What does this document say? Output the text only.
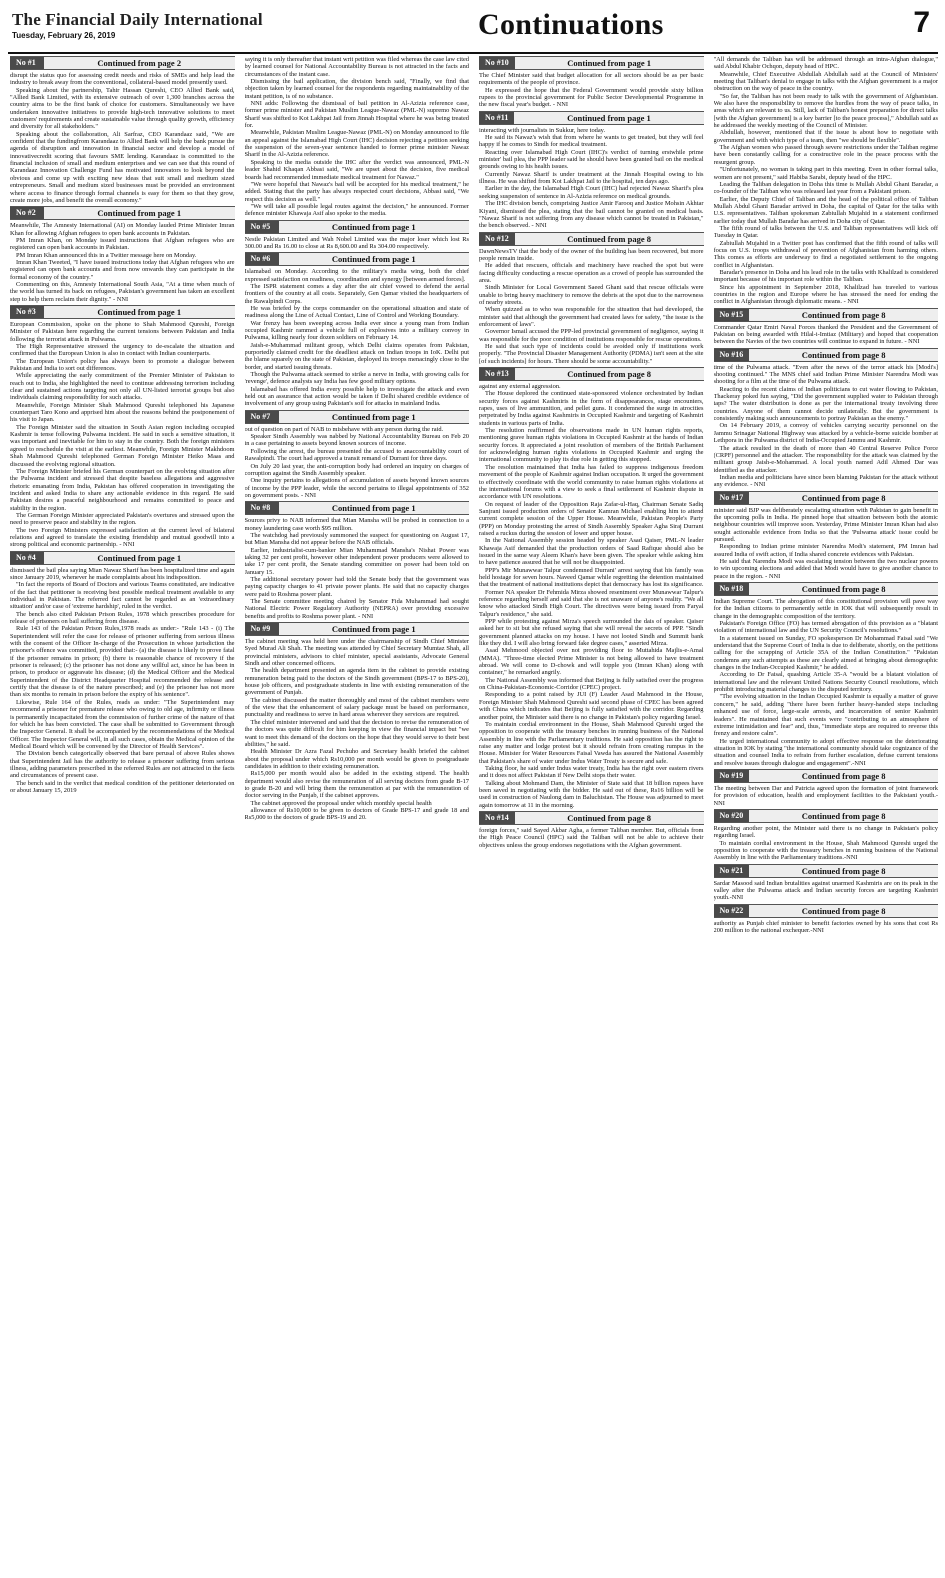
The Financial Daily International
Tuesday, February 26, 2019	Continuations	7
No #1	Continued from page 2

disrupt the status quo for assessing credit needs and risks of SMEs and help lead the industry to break away from the conventional, collateral-based model presently used.

Speaking about the partnership, Tahir Hassan Qureshi, CEO Allied Bank said, "Allied Bank Limited, with its extensive outreach of over 1,300 branches across the country aims to be the first bank of choice for customers. Simultaneously we have undertaken innovative initiatives to provide high-tech innovative solutions to meet customers' requirements and create sustainable value through quality growth, efficiency and diversity for all stakeholders."

Speaking about the collaboration, Ali Sarfraz, CEO Karandaaz said, "We are confident that the fundingfrom Karandaaz to Allied Bank will help the bank pursue the agenda of disruption and innovation in financial sector and develop a model of innovativecredit scoring that favours SME lending. Karandaaz is committed to the financial inclusion of small and medium enterprises and we can see that this round of Karandaaz Innovation Challenge Fund has motivated innovators to look beyond the obvious and come up with exciting new ideas that suit small and medium sized entrepreneurs. Small and medium sized businesses must be provided an environment where access to finance through formal channels is easy for them so that they grow, create more jobs, and benefit the overall economy."

No #2	Continued from page 1

Meanwhile, The Amnesty International (AI) on Monday lauded Prime Minister Imran Khan for allowing Afghan refugees to open bank accounts in Pakistan.

PM Imran Khan, on Monday issued instructions that Afghan refugees who are registered can open bank accounts in Pakistan.

PM Imran Khan announced this in a Twitter message here on Monday.

Imran Khan Tweeted, "I have issued instructions today that Afghan refugees who are registered can open bank accounts and from now onwards they can participate in the formal economy of the country."

Commenting on this, Amnesty International South Asia, "At a time when much of the world has turned its back on refugees, Pakistan's government has taken an excellent step to help them reclaim their dignity." - NNI

No #3	Continued from page 1

European Commission, spoke on the phone to Shah Mahmood Qureshi, Foreign Minister of Pakistan here regarding the current tensions between Pakistan and India following the terrorist attack in Pulwama.

The High Representative stressed the urgency to de-escalate the situation and confirmed that the European Union is also in contact with Indian counterparts.

The European Union's policy has always been to promote a dialogue between Pakistan and India to sort out differences.

While appreciating the early commitment of the Premier Minister of Pakistan to reach out to India, she highlighted the need to continue addressing terrorism including clear and sustained actions targeting not only all UN-listed terrorist groups but also individuals claiming responsibility for such attacks.

Meanwhile, Foreign Minister Shah Mahmood Qureshi telephoned his Japanese counterpart Taro Kono and apprised him about the reasons behind the postponement of his visit to Japan.

The Foreign Minister said the situation in South Asian region including occupied Kashmir is tense following Pulwama incident. He said in such a sensitive situation, it was important and inevitable for him to stay in the country. Both the foreign ministers agreed to reschedule the visit at the earliest. Meanwhile, Foreign Minister Makhdoom Shah Mahmood Qureshi telephoned German Foreign Minister Heiko Maas and discussed the evolving regional situation.

The Foreign Minister briefed his German counterpart on the evolving situation after the Pulwama incident and stressed that despite baseless allegations and aggressive rhetoric emanating from India, Pakistan has offered cooperation in investigating the incident and asked India to share any actionable evidence in this regard. He said Pakistan desires a peaceful neighbourhood and remains committed to peace and stability in the region.

The German Foreign Minister appreciated Pakistan's overtures and stressed upon the need to preserve peace and stability in the region.

The two Foreign Ministers expressed satisfaction at the current level of bilateral relations and agreed to translate the existing friendship and mutual goodwill into a strong political and economic partnership. - NNI

No #4	Continued from page 1

dismissed the bail plea saying Mian Nawaz Sharif has been hospitalized time and again since January 2019, whenever he made complaints about his indisposition.

"In fact the reports of Board of Doctors and various Teams constituted, are indicative of the fact that petitioner is receiving best possible medical treatment available to any individual in Pakistan. The referred fact cannot be regarded as an 'extraordinary situation' and/or case of 'extreme hardship', ruled in the verdict.

The bench also cited Pakistan Prison Rules, 1978 which prescribes procedure for release of prisoners on bail suffering from disease.

Rule 143 of the Pakistan Prison Rules,1978 reads as under:- "Rule 143 - (i) The Superintendent will refer the case for release of prisoner suffering from serious illness with the consent of the Officer In-charge of the Prosecution in whose jurisdiction the prisoner's offence was committed, provided that:- (a) the disease is likely to prove fatal if the prisoner remains in prison; (b) there is reasonable chance of recovery if the prisoner is released; (c) the prisoner has not done any willful act, since he has been in prison, to produce or aggravate his disease; (d) the Medical Officer and the Medical Superintendent of the District Headquarter Hospital recommended the release and certify that the disease is of the nature prescribed; and (e) the prisoner has not more than six months to remain in prison before the expiry of his sentence".

Likewise, Rule 164 of the Rules, reads as under: "The Superintendent may recommend a prisoner for premature release who owing to old age, infirmity or illness is permanently incapacitated from the commission of further crime of the nature of that for which he has been convicted. The case shall be submitted to Government through the Inspector General. It shall be accompanied by the recommendations of the Medical Officer. The Inspector General will, in all such cases, obtain the Medical opinion of the Medical Board which will be convened by the Director of Health Services".

The Division bench categorically observed that bare perusal of above Rules shows that Superintendent Jail has the authority to release a prisoner suffering from serious illness, adding parameters prescribed in the referred Rules are not attracted in the facts and circumstances of present case.

The bench said in the verdict that medical condition of the petitioner deteriorated on or about January 15, 2019

saying it is only thereafter that instant writ petition was filed whereas the case law cited by learned counsel for National Accountability Bureau is not attracted in the facts and circumstances of the instant case.

Dismissing the bail application, the division bench said, "Finally, we find that objection taken by learned counsel for the respondents regarding maintainability of the instant petition, is of no substance.

NNI adds: Following the dismissal of bail petition in Al-Azizia reference case, former prime minister and Pakistan Muslim League-Nawaz (PML-N) supremo Nawaz Sharif was shifted to Kot Lakhpat Jail from Jinnah Hospital where he was being treated for.

Meanwhile, Pakistan Muslim League-Nawaz (PML-N) on Monday announced to file an appeal against the Islamabad High Court (IHC) decision rejecting a petition seeking the suspension of the seven-year sentence handed to former prime minister Nawaz Sharif in the Al-Azizia reference.

Speaking to the media outside the IHC after the verdict was announced, PML-N leader Shahid Khaqan Abbasi said, "We are upset about the decision, five medical boards had recommended immediate medical treatment for Nawaz."

"We were hopeful that Nawaz's bail will be accepted for his medical treatment," he added. Stating that the party has always respected court decisions, Abbasi said, "We respect this decision as well."

"We will take all possible legal routes against the decision," he announced. Former defence minister Khawaja Asif also spoke to the media.

No #5	Continued from page 1

Nestle Pakistan Limited and Wah Nobel Limited was the major loser which lost Rs 300.00 and Rs 16.00 to close at Rs 8,600.00 and Rs 304.00 respectively.

No #6	Continued from page 1

Islamabad on Monday. According to the military's media wing, both the chief expressed satisfaction on readiness, coordination and synergy [between armed forces].

The ISPR statement comes a day after the air chief vowed to defend the aerial frontiers of the country at all costs. Separately, Gen Qamar visited the headquarters of the Rawalpindi Corps.

He was briefed by the corps commander on the operational situation and state of readiness along the Line of Actual Contact, Line of Control and Working Boundary.

War frenzy has been sweeping across India ever since a young man from Indian occupied Kashmir rammed a vehicle full of explosives into a military convoy in Pulwama, killing nearly four dozen soldiers on February 14.

Jaish-e-Muhammad militant group, which Delhi claims operates from Pakistan, purportedly claimed credit for the deadliest attack on Indian troops in IoK. Delhi put the blame squarely on the state of Pakistan, deployed its troops menacingly close to the border, and started issuing threats.

Though the Pulwama attack seemed to strike a nerve in India, with growing calls for 'revenge', defence analysts say India has few good military options.

Islamabad has offered India every possible help to investigate the attack and even held out an assurance that action would be taken if Delhi shared credible evidence of involvement of any group using Pakistan's soil for attacks in mainland India.

No #7	Continued from page 1

out of question on part of NAB to misbehave with any person during the raid.

Speaker Sindh Assembly was nabbed by National Accountability Bureau on Feb 20 in a case pertaining to assets beyond known sources of income.

Following the arrest, the bureau presented the accused to anaccountability court of Rawalpindi. The court had approved a transit remand of Durrani for three days.

On July 20 last year, the anti-corruption body had ordered an inquiry on charges of corruption against the Sindh Assembly speaker.

One inquiry pertains to allegations of accumulation of assets beyond known sources of income by the PPP leader, while the second pertains to illegal appointments of 352 on government posts. - NNI

No #8	Continued from page 1

Sources privy to NAB informed that Mian Mansha will be probed in connection to a money laundering case worth $95 million.

The watchdog had previously summoned the suspect for questioning on August 17, but Mian Mansha did not appear before the NAB officials.

Earlier, industrialist-cum-banker Mian Muhammad Mansha's Nishat Power was taking 32 per cent profit, however other independent power producers were allowed to take 17 per cent profit, the Senate standing committee on power had been told on January 15.

The additional secretary power had told the Senate body that the government was paying capacity charges to 41 private power plants. He said that no capacity charges were paid to Roshma power plant.

The Senate committee meeting chaired by Senator Fida Muhammad had sought National Electric Power Regulatory Authority (NEPRA) over providing excessive benefits and profits to Roshma power plant. - NNI

No #9	Continued from page 1

The cabinet meeting was held here under the chairmanship of Sindh Chief Minister Syed Murad Ali Shah. The meeting was attended by Chief Secretary Mumtaz Shah, all provincial ministers, advisors to chief minister, special assistants, Advocate General Sindh and other concerned officers.

The health department presented an agenda item in the cabinet to provide existing remuneration being paid to the doctors of the Sindh government (BPS-17 to BPS-20), house job officers, and postgraduate students in line with existing remuneration of the government of Punjab.

The cabinet discussed the matter thoroughly and most of the cabinet members were of the view that the enhancement of salary package must be based on performance, punctuality and readiness to serve in hard areas wherever they services are required.

The chief minister intervened and said that the decision to revise the remuneration of the doctors was quite difficult for him keeping in view the financial impact but "we want to meet this demand of the doctors on the hope that they would serve to their best abilities," he said.

Health Minister Dr Azra Fazal Pechuho and Secretary health briefed the cabinet about the proposal under which Rs10,000 per month would be given to postgraduate candidates in addition to their existing remuneration.

Rs15,000 per month would also be added in the existing stipend. The health department would also revise the remuneration of all serving doctors from grade B-17 to grade B-20 and will bring them the remuneration at par with the remuneration of doctor serving in the Punjab, if the cabinet approves.

The cabinet approved the proposal under which monthly special health

allowance of Rs10,000 to be given to doctors of Grade BPS-17 and grade 18 and Rs5,000 to the doctors of grade BPS-19 and 20.

No #10	Continued from page 1

The Chief Minister said that budget allocation for all sectors should be as per basic requirements of the people of province.

He expressed the hope that the Federal Government would provide sixty billion rupees to the provincial government for Public Sector Developmental Programme in the new fiscal year's budget. - NNI

No #11	Continued from page 1

interacting with journalists in Sukkur, here today.

He said its Nawaz's wish that from where he wants to get treated, but they will feel happy if he comes to Sindh for medical treatment.

Reacting over Islamabad High Court (IHC)'s verdict of turning erstwhile prime minister' bail plea, the PPP leader said he should have been granted bail on the medical grounds owing to his health issues.

Currently Nawaz Sharif is under treatment at the Jinnah Hospital owing to his illness. He was shifted from Kot Lakhpat Jail to the hospital, ten days ago.

Earlier in the day, the Islamabad High Court (IHC) had rejected Nawaz Sharif's plea seeking suspension of sentence in Al-Azizia reference on medical grounds.

The IHC division bench, comprising Justice Amir Farooq and Justice Mohsin Akhtar Kiyani, dismissed the plea, stating that the bail cannot be granted on medical basis. "Nawaz Sharif is not suffering from any disease which cannot be treated in Pakistan," the bench observed. - NNI

No #12	Continued from page 8

DawnNewsTV that the body of the owner of the building has been recovered, but more people remain inside.

He added that rescuers, officials and machinery have reached the spot but were facing difficulty conducting a rescue operation as a crowd of people has surrounded the area.

Sindh Minister for Local Government Saeed Ghani said that rescue officials were unable to bring heavy machinery to remove the debris at the spot due to the narrowness of nearby streets.

When quizzed as to who was responsible for the situation that had developed, the minister said that although the government had created laws for safety, "the issue is the enforcement of laws".

Governor Ismail accused the PPP-led provincial government of negligence, saying it was responsible for the poor condition of institutions responsible for rescue operations.

He said that such type of incidents could be avoided only if institutions work properly. "The Provincial Disaster Management Authority (PDMA) isn't seen at the site [of such incidents] for hours. There should be some accountability."

No #13	Continued from page 8

against any external aggression.

The House deplored the continued state-sponsored violence orchestrated by Indian security forces against Kashmiris in the form of disappearances, stage encounters, rapes, uses of live ammunition, and pellet guns. It condemned the surge in atrocities perpetrated by India against Kashmiris in Occupied Kashmir and targeting of Kashmiri students in various parts of India.

The resolution reaffirmed the observations made in UN human rights reports, mentioning grave human rights violations in Occupied Kashmir at the hands of Indian security forces. It appreciated a joint resolution of members of the British Parliament for acknowledging human rights violations in Occupied Kashmir and urging the international community to play its due role in getting this stopped.

The resolution maintained that India has failed to suppress indigenous freedom movement of the people of Kashmir against Indian occupation. It urged the government to effectively coordinate with the world community to raise human rights violations at the international forums with a view to seek a final settlement of Kashmir dispute in accordance with UN resolutions.

On request of leader of the Opposition Raja Zafar-ul-Haq, Chairman Senate Sadiq Sanjrani issued production orders of Senator Kamran Michael enabling him to attend current complete session of the Upper House. Meanwhile, Pakistan People's Party (PPP) on Monday protesting the arrest of Sindh Assembly Speaker Agha Siraj Durrani raised a ruckus during the session of lower and upper house.

In the National Assembly session headed by speaker Asad Qaiser, PML-N leader Khawaja Asif demanded that the production orders of Saad Rafique should also be issued in the same way Aleem Khan's have been given. The speaker while asking him to have patience assured that he will not be disappointed.

PPP's Mir Munawwar Talpur condemned Durrani' arrest saying that his family was held hostage for seven hours. Naveed Qamar while regretting the detention maintained that the treatment of national institutions depict that democracy has lost its significance.

Former NA speaker Dr Fehmida Mirza showed resentment over Munawwar Talpur's reference regarding herself and said that she is not unaware of anyone's reality. "We all know who attacked Sindh High Court. The directives were being issued from Faryal Talpur's residence," she said.

PPP while protesting against Mirza's speech surrounded the dais of speaker. Qaiser asked her to sit but she refused saying that she will reveal the secrets of PPP. "Sindh government planned attacks on my house. I have not looted Sindh and Summit bank like they did. I will also bring forward fake degree cases," asserted Mirza.

Asad Mehmood objected over not providing floor to Muttahida Majlis-e-Amal (MMA). "Three-time elected Prime Minister is not being allowed to have treatment abroad. We will come to D-chowk and will topple you (Imran Khan) along with container," he remarked angrily.

The National Assembly was informed that Beijing is fully satisfied over the progress on China-Pakistan-Economic-Corridor (CPEC) project.

Responding to a point raised by JUI (F) Leader Asad Mahmood in the House, Foreign Minister Shah Mahmood Qureshi said second phase of CPEC has been agreed with China which indicates that Beijing is fully satisfied with the corridor. Regarding another point, the Minister said there is no change in Pakistan's policy regarding Israel.

To maintain cordial environment in the House, Shah Mahmood Qureshi urged the opposition to cooperate with the treasury benches in running business of the National Assembly in line with the Parliamentary traditions. He said opposition has the right to raise any matter and lodge protest but it should refrain from creating rumpus in the House. Minister for Water Resources Faisal Vawda has assured the National Assembly that Pakistan's share of water under Indus Water Treaty is secure and safe.

Taking floor, he said under Indus water treaty, India has the right over eastern rivers and it does not affect Pakistan if New Delhi stops their water.

Talking about Mohmand Dam, the Minister of State said that 18 billion rupees have been saved in negotiating with the bidder. He said out of these, Rs16 billion will be used in construction of Naulong dam in Baluchistan. The House was adjourned to meet again tomorrow at 11 in the morning.

No #14	Continued from page 8

foreign forces," said Sayed Akbar Agha, a former Taliban member. But, officials from the High Peace Council (HPC) said the Taliban will not be able to achieve their objectives unless the group endorses negotiations with the Afghan government.

"All demands the Taliban has will be addressed through an intra-Afghan dialogue," said Abdul Khabir Ochqon, deputy head of HPC.

Meanwhile, Chief Executive Abdullah Abdullah said at the Council of Ministers' meeting that Taliban's denial to engage in talks with the Afghan government is a major obstruction on the way of peace in the country.

"So far, the Taliban has not been ready to talk with the government of Afghanistan. We also have the responsibility to remove the hurdles from the way of peace talks, in areas which are relevant to us. Still, lack of Taliban's honest preparation for direct talks [with the Afghan government] is a key barrier [to the peace process]," Abdullah said as he addressed the weekly meeting of the Council of Minister.

Abdullah, however, mentioned that if the issue is about how to negotiate with government and with which type of a team, then "we should be flexible".

The Afghan women who passed through severe restrictions under the Taliban regime have been constantly calling for a constructive role in the peace process with the resurgent group.

"Unfortunately, no woman is taking part in this meeting. Even in other formal talks, women are not present," said Habiba Sarabi, deputy head of the HPC.

Leading the Taliban delegation in Doha this time is Mullah Abdul Ghani Baradar, a co-founder of the Taliban who was released last year from a Pakistani prison.

Earlier, the Deputy Chief of Taliban and the head of the political office of Taliban Mullah Abdul Ghani Baradar arrived in Doha, the capital of Qatar for the talks with U.S. representatives. Taliban spokesman Zabiullah Mujahid in a statement confirmed earlier today that Mullah Baradar has arrived in Doha city of Qatar.

The fifth round of talks between the U.S. and Taliban representatives will kick off Tuesday in Qatar.

Zabiullah Mujahid in a Twitter post has confirmed that the fifth round of talks will focus on U.S. troops withdrawal of prevention of Afghanistan from harming others. This comes as efforts are underway to find a negotiated settlement to the ongoing conflict in Afghanistan.

Baradar's presence in Doha and his lead role in the talks with Khalilzad is considered important because of his important role within the Taliban.

Since his appointment in September 2018, Khalilzad has traveled to various countries in the region and Europe where he has stressed the need for ending the conflict in Afghanistan through diplomatic means. - NNI

No #15	Continued from page 8

Commander Qatar Emiri Naval Forces thanked the President and the Government of Pakistan on being awarded with Hilal-i-Imtiaz (Military) and hoped that cooperation between the Navies of the two countries will continue to expand in future. - NNI

No #16	Continued from page 8

time of the Pulwama attack. "Even after the news of the terror attack his [Modi's] shooting continued." The MNS chief said Indian Prime Minister Narendra Modi was shooting for a film at the time of the Pulwama attack.

Reacting to the recent claims of Indian politicians to cut water flowing to Pakistan, Thackeray poked fun saying, "Did the government supplied water to Pakistan through taps? The water distribution is done as per the international treaty involving three countries. Anyone of them cannot decide unilaterally. But the government is consistently making such announcements to portray Pakistan as the enemy."

On 14 February 2019, a convoy of vehicles carrying security personnel on the Jammu Srinagar National Highway was attacked by a vehicle-borne suicide bomber at Lethpora in the Pulwama district of India-Occupied Jammu and Kashmir.

The attack resulted in the death of more than 40 Central Reserve Police Force (CRPF) personnel and the attacker. The responsibility for the attack was claimed by the militant group Jaish-e-Mohammad. A local youth named Adil Ahmed Dar was identified as the attacker.

Indian media and politicians have since been blaming Pakistan for the attack without any evidence. - NNI

No #17	Continued from page 8

minister said BJP was deliberately escalating situation with Pakistan to gain benefit in the upcoming polls in India. He pinned hope that situation between both the atomic neighbour countries will improve soon. Yesterday, Prime Minister Imran Khan had also sought actionable evidence from India so that the 'Pulwama attack' issue could be pursued.

Responding to Indian prime minister Narendra Modi's statement, PM Imran had assured India of swift action, if India shared concrete evidences with Pakistan.

He said that Narendra Modi was escalating tension between the two nuclear powers to win upcoming elections and added that Modi would have to give another chance to peace in the region. - NNI

No #18	Continued from page 8

Indian Supreme Court. The abrogation of this constitutional provision will pave way for the Indian citizens to permanently settle in IOK that will subsequently result in change in the demographic composition of the territory.

Pakistan's Foreign Office (FO) has termed abrogation of this provision as a "blatant violation of international law and the UN Security Council's resolutions."

In a statement issued on Sunday, FO spokesperson Dr Mohammad Faisal said "We understand that the Supreme Court of India is due to deliberate, shortly, on the petitions calling for the scrapping of Article 35A of the Indian Constitution." "Pakistan condemns any such attempts as these are clearly aimed at bringing about demographic changes in the Indian-Occupied Kashmir," he added.

According to Dr Faisal, quashing Article 35-A "would be a blatant violation of international law and the relevant United Nations Security Council resolutions, which prohibit introducing material changes to the disputed territory.

"The evolving situation in the Indian Occupied Kashmir is equally a matter of grave concern," he said, adding "there have been further heavy-handed steps including enhanced use of force, large-scale arrests, and incarceration of senior Kashmiri leaders". He maintained that such events were "contributing to an atmosphere of extreme intimidation and fear" and, thus, "immediate steps are required to reverse this frenzy and restore calm".

He urged international community to adopt effective response on the deteriorating situation in IOK by stating "the international community should take cognizance of the situation and counsel India to refrain from further escalation, defuse current tensions and resolve issues through dialogue and engagement".-NNI

No #19	Continued from page 8

The meeting between Dar and Patricia agreed upon the formation of joint framework for provision of education, health and employment facilities to the Pakistani youth.-NNI

No #20	Continued from page 8

Regarding another point, the Minister said there is no change in Pakistan's policy regarding Israel.

To maintain cordial environment in the House, Shah Mahmood Qureshi urged the opposition to cooperate with the treasury benches in running business of the National Assembly in line with the Parliamentary traditions.-NNI

No #21	Continued from page 8

Sardar Masood said Indian brutalities against unarmed Kashmiris are on its peak in the valley after the Pulwama attack and Indian security forces are targeting Kashmiri youth.-NNI

No #22	Continued from page 8

authority as Punjab chief minister to benefit factories owned by his sons that cost Rs 200 million to the national exchequer.-NNI
